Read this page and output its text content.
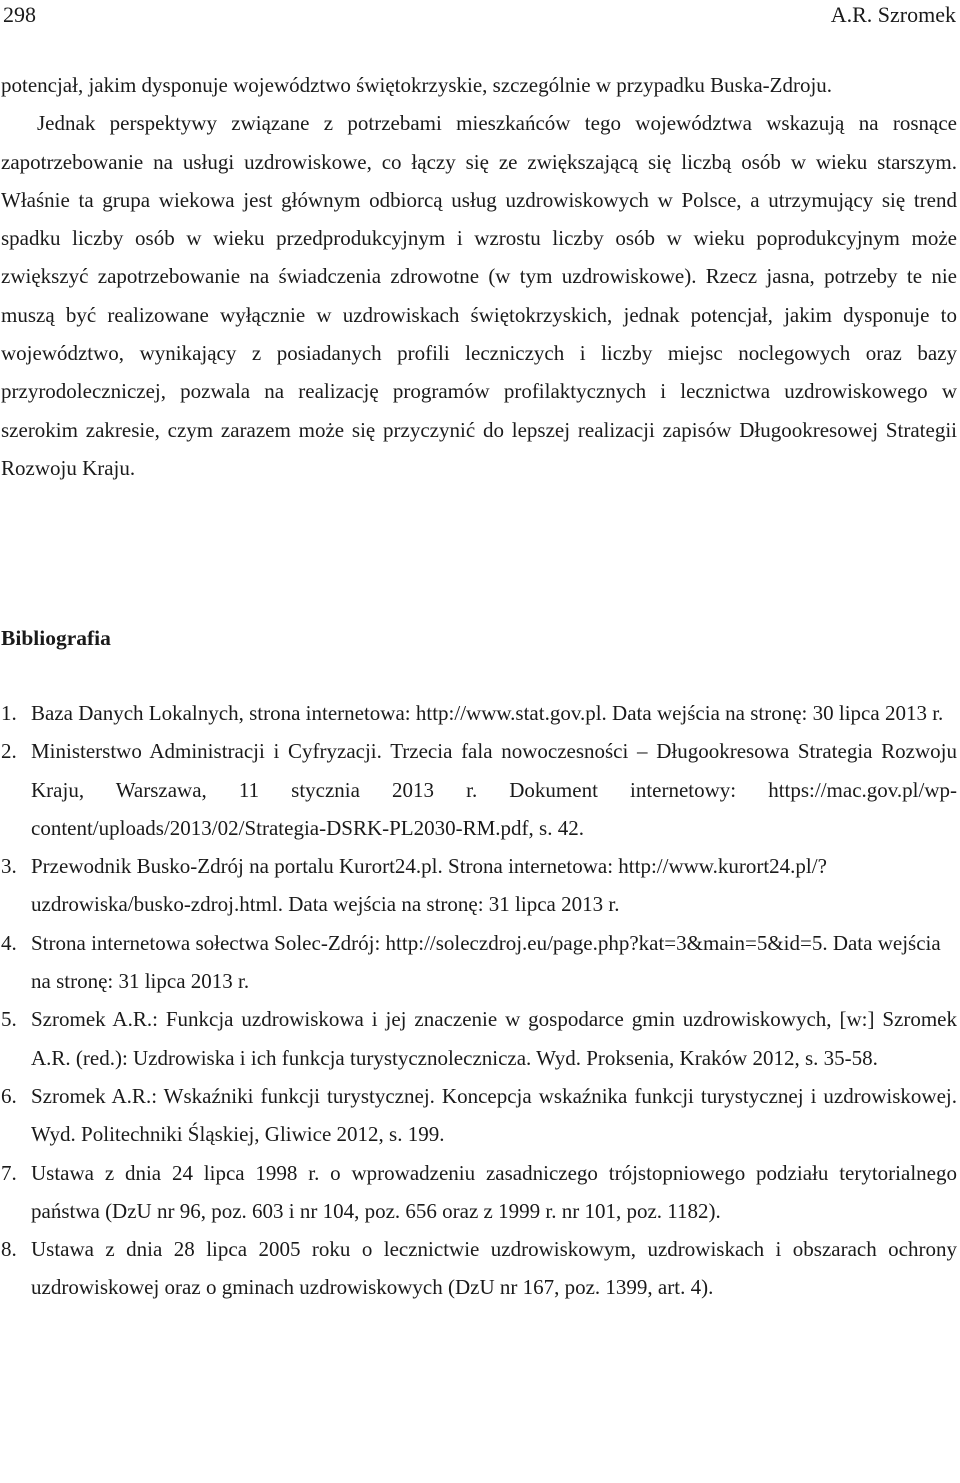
298	A.R. Szromek

potencjał, jakim dysponuje województwo świętokrzyskie, szczególnie w przypadku Buska-Zdroju.

Jednak perspektywy związane z potrzebami mieszkańców tego województwa wskazują na rosnące zapotrzebowanie na usługi uzdrowiskowe, co łączy się ze zwiększającą się liczbą osób w wieku starszym. Właśnie ta grupa wiekowa jest głównym odbiorcą usług uzdrowiskowych w Polsce, a utrzymujący się trend spadku liczby osób w wieku przedprodukcyjnym i wzrostu liczby osób w wieku poprodukcyjnym może zwiększyć zapotrzebowanie na świadczenia zdrowotne (w tym uzdrowiskowe). Rzecz jasna, potrzeby te nie muszą być realizowane wyłącznie w uzdrowiskach świętokrzyskich, jednak potencjał, jakim dysponuje to województwo, wynikający z posiadanych profili leczniczych i liczby miejsc noclegowych oraz bazy przyrodoleczniczej, pozwala na realizację programów profilaktycznych i lecznictwa uzdrowiskowego w szerokim zakresie, czym zarazem może się przyczynić do lepszej realizacji zapisów Długookresowej Strategii Rozwoju Kraju.

Bibliografia
1. Baza Danych Lokalnych, strona internetowa: http://www.stat.gov.pl. Data wejścia na stronę: 30 lipca 2013 r.
2. Ministerstwo Administracji i Cyfryzacji. Trzecia fala nowoczesności – Długookresowa Strategia Rozwoju Kraju, Warszawa, 11 stycznia 2013 r. Dokument internetowy: https://mac.gov.pl/wp-content/uploads/2013/02/Strategia-DSRK-PL2030-RM.pdf, s. 42.
3. Przewodnik Busko-Zdrój na portalu Kurort24.pl. Strona internetowa: http://www.kurort24.pl/?uzdrowiska/busko-zdroj.html. Data wejścia na stronę: 31 lipca 2013 r.
4. Strona internetowa sołectwa Solec-Zdrój: http://soleczdroj.eu/page.php?kat=3&main=5&id=5. Data wejścia na stronę: 31 lipca 2013 r.
5. Szromek A.R.: Funkcja uzdrowiskowa i jej znaczenie w gospodarce gmin uzdrowiskowych, [w:] Szromek A.R. (red.): Uzdrowiska i ich funkcja turystycznolecznicza. Wyd. Proksenia, Kraków 2012, s. 35-58.
6. Szromek A.R.: Wskaźniki funkcji turystycznej. Koncepcja wskaźnika funkcji turystycznej i uzdrowiskowej. Wyd. Politechniki Śląskiej, Gliwice 2012, s. 199.
7. Ustawa z dnia 24 lipca 1998 r. o wprowadzeniu zasadniczego trójstopniowego podziału terytorialnego państwa (DzU nr 96, poz. 603 i nr 104, poz. 656 oraz z 1999 r. nr 101, poz. 1182).
8. Ustawa z dnia 28 lipca 2005 roku o lecznictwie uzdrowiskowym, uzdrowiskach i obszarach ochrony uzdrowiskowej oraz o gminach uzdrowiskowych (DzU nr 167, poz. 1399, art. 4).
